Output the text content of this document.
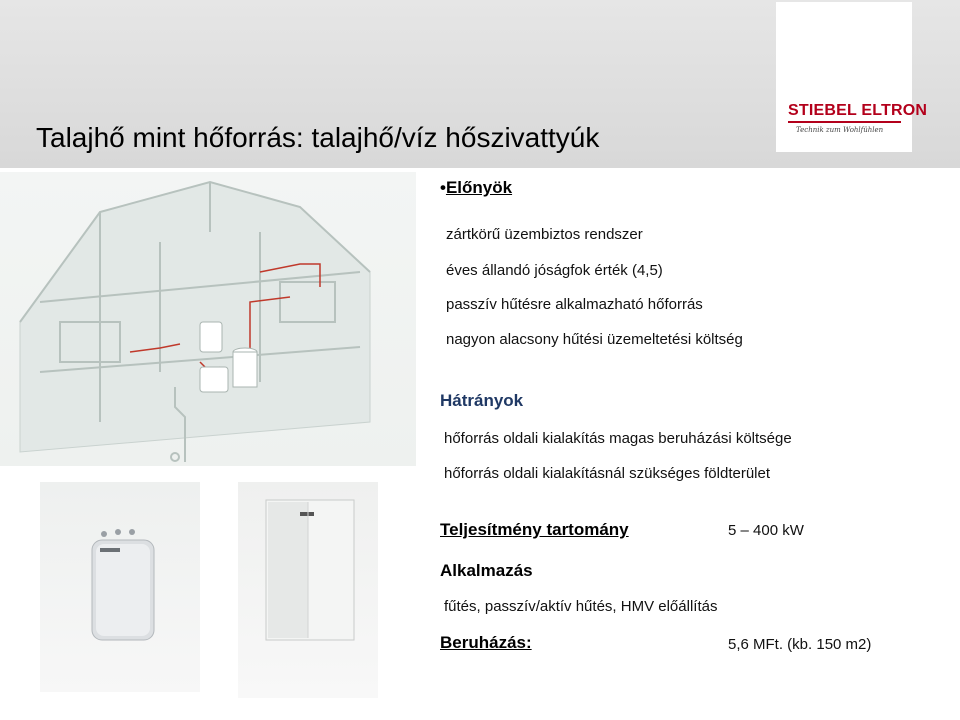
Talajhő mint hőforrás: talajhő/víz hőszivattyúk
STIEBEL ELTRON
Technik zum Wohlfühlen
•Előnyök
zártkörű üzembiztos rendszer
éves állandó jóságfok érték (4,5)
passzív hűtésre alkalmazható hőforrás
nagyon alacsony hűtési üzemeltetési költség
Hátrányok
hőforrás oldali kialakítás magas beruházási költsége
hőforrás oldali kialakításnál szükséges földterület
Teljesítmény tartomány	5 – 400 kW
Alkalmazás
fűtés, passzív/aktív hűtés, HMV előállítás
Beruházás:	5,6 MFt. (kb. 150 m2)
